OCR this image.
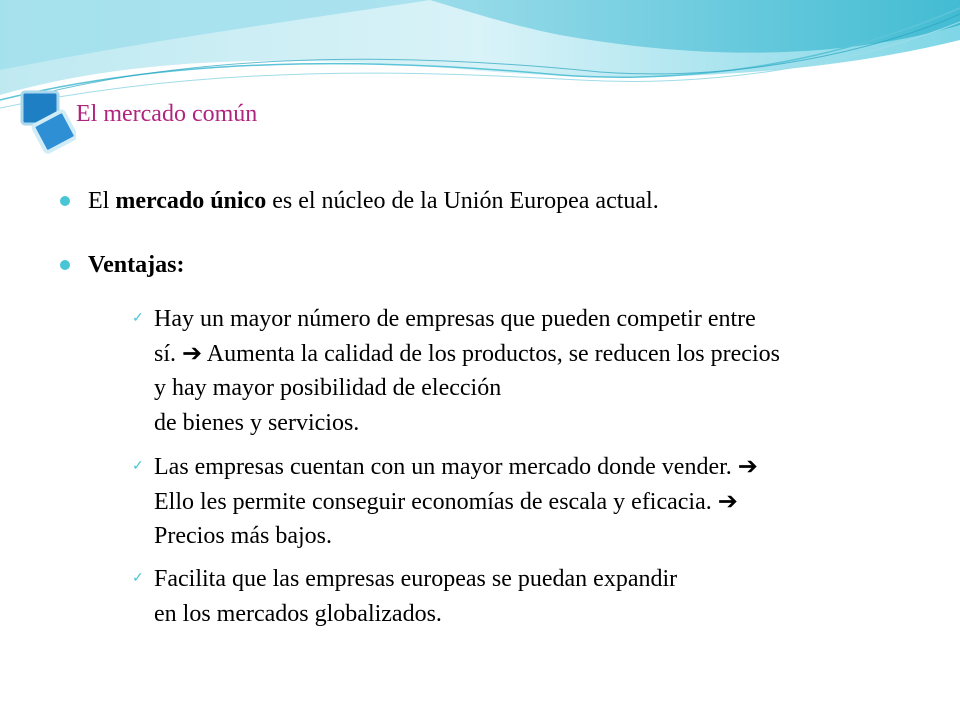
El mercado común
El mercado único es el núcleo de la Unión Europea actual.
Ventajas:
✓ Hay un mayor número de empresas que pueden competir entre
sí. ➔ Aumenta la calidad de los productos, se reducen los precios
y hay mayor posibilidad de elección
de bienes y servicios.
✓ Las empresas cuentan con un mayor mercado donde vender. ➔
Ello les permite conseguir economías de escala y eficacia. ➔
Precios más bajos.
✓ Facilita que las empresas europeas se puedan expandir
en los mercados globalizados.
